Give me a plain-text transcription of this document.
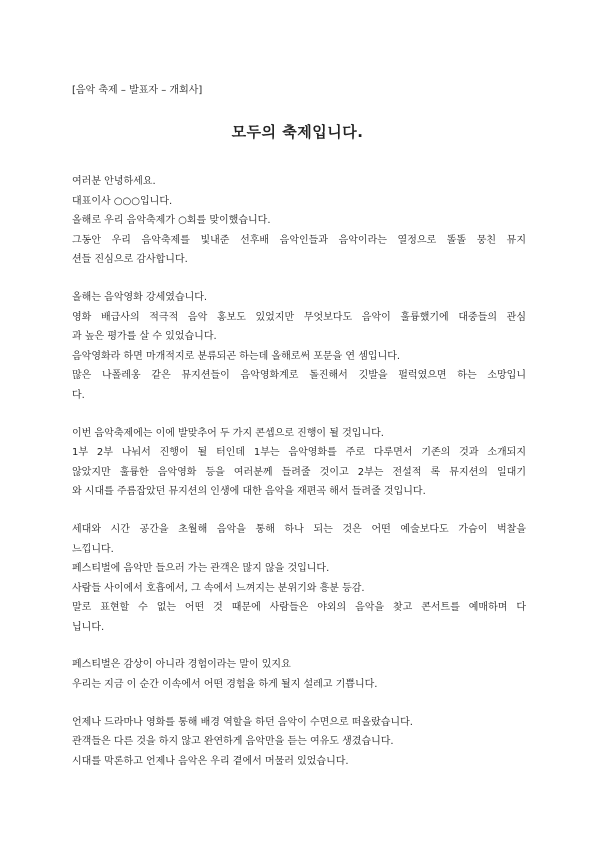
[음악 축제 – 발표자 – 개회사]
모두의 축제입니다.
여러분 안녕하세요.
대표이사 ○○○입니다.
올해로 우리 음악축제가 ○회를 맞이했습니다.
그동안 우리 음악축제를 빛내준 선후배 음악인들과 음악이라는 열정으로 똘똘 뭉친 뮤지
션들 진심으로 감사합니다.
올해는 음악영화 강세였습니다.
영화 배급사의 적극적 음악 홍보도 있었지만 무엇보다도 음악이 훌륭했기에 대중들의 관심
과 높은 평가를 살 수 있었습니다.
음악영화라 하면 마개적지로 분류되곤 하는데 올해로써 포문을 연 셈입니다.
많은 나폴레옹 같은 뮤지션들이 음악영화계로 돌진해서 깃발을 펄럭였으면 하는 소망입니
다.
이번 음악축제에는 이에 발맞추어 두 가지 콘셉으로 진행이 될 것입니다.
1부 2부 나눠서 진행이 될 터인데 1부는 음악영화를 주로 다루면서 기존의 것과 소개되지
않았지만 훌륭한 음악영화 등을 여러분께 들려줄 것이고 2부는 전설적 록 뮤지션의 일대기
와 시대를 주름잡았던 뮤지션의 인생에 대한 음악을 재편곡 해서 들려줄 것입니다.
세대와 시간 공간을 초월해 음악을 통해 하나 되는 것은 어떤 예술보다도 가슴이 벅찰을
느낍니다.
페스티벌에 음악만 들으러 가는 관객은 많지 않을 것입니다.
사람들 사이에서 호흡에서, 그 속에서 느껴지는 분위기와 흥분 등감.
말로 표현할 수 없는 어떤 것 때문에 사람들은 야외의 음악을 찾고 콘서트를 예매하며 다
닙니다.
페스티벌은 감상이 아니라 경험이라는 말이 있지요
우리는 지금 이 순간 이속에서 어떤 경험을 하게 될지 설레고 기쁩니다.
언제나 드라마나 영화를 통해 배경 역할을 하던 음악이 수면으로 떠올랐습니다.
관객들은 다른 것을 하지 않고 완연하게 음악만을 듣는 여유도 생겼습니다.
시대를 막론하고 언제나 음악은 우리 곁에서 머물러 있었습니다.
